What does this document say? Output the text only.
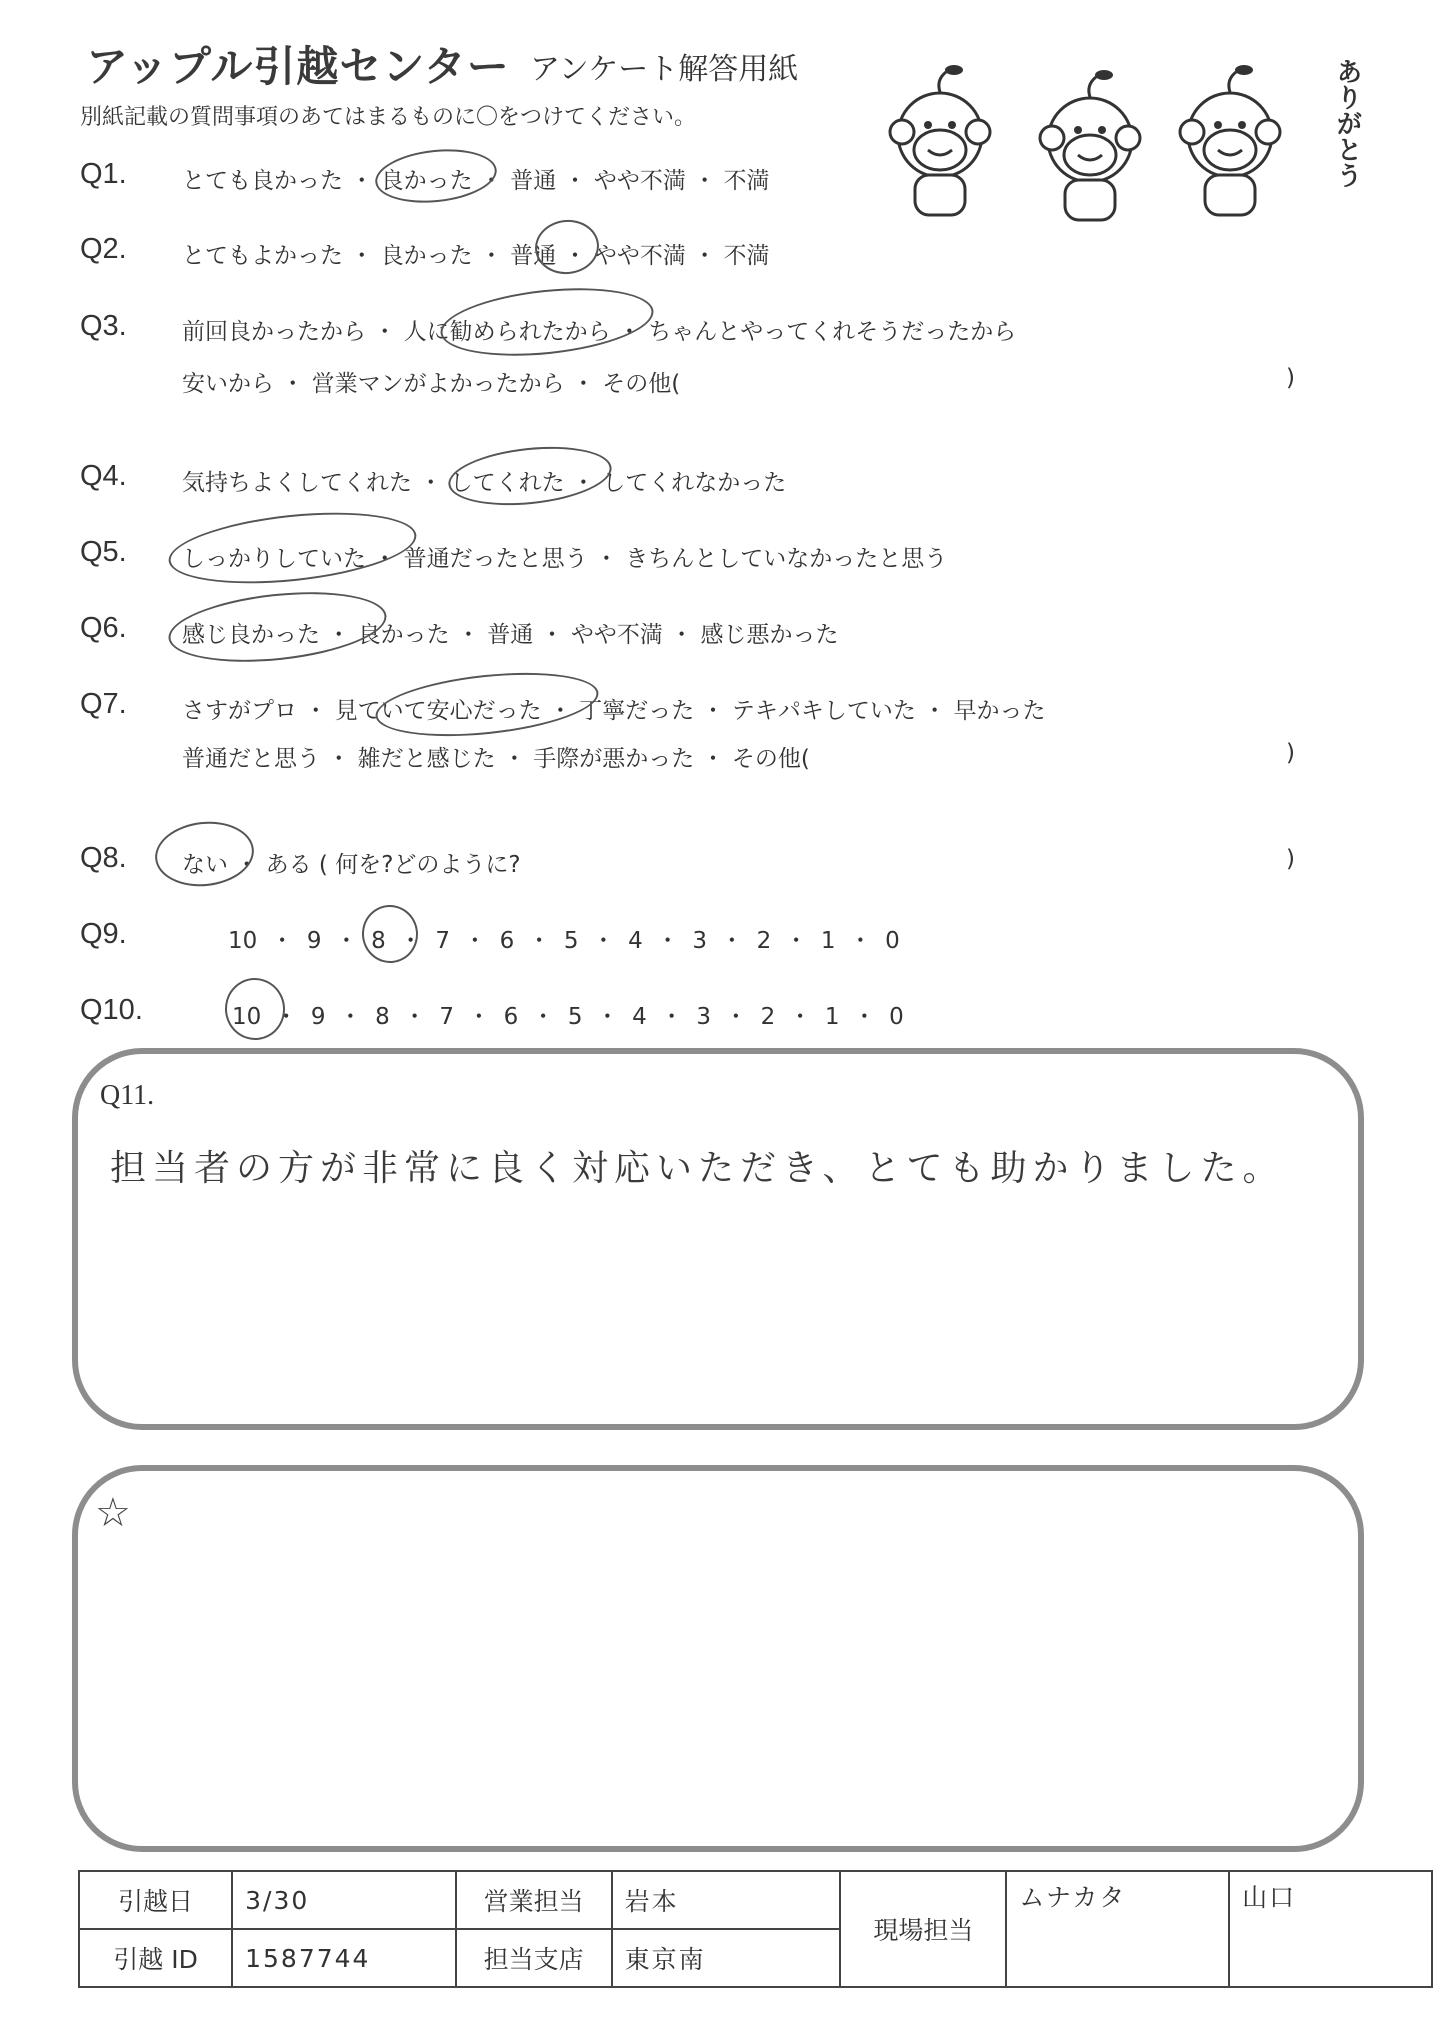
アップル引越センター アンケート解答用紙
別紙記載の質問事項のあてはまるものに〇をつけてください。	ありがとう
Q1. とても良かった ・ 良かった ・ 普通 ・ やや不満 ・ 不満
Q2. とてもよかった ・ 良かった ・ 普通 ・ やや不満 ・ 不満
Q3. 前回良かったから ・ 人に勧められたから ・ ちゃんとやってくれそうだったから
安いから ・ 営業マンがよかったから ・ その他(	)
Q4. 気持ちよくしてくれた ・ してくれた ・ してくれなかった
Q5. しっかりしていた ・ 普通だったと思う ・ きちんとしていなかったと思う
Q6. 感じ良かった ・ 良かった ・ 普通 ・ やや不満 ・ 感じ悪かった
Q7. さすがプロ ・ 見ていて安心だった ・ 丁寧だった ・ テキパキしていた ・ 早かった
普通だと思う ・ 雑だと感じた ・ 手際が悪かった ・ その他(	)
Q8. ない ・ ある ( 何を?どのように?	)
Q9.	10 ・ 9 ・ 8 ・ 7 ・ 6 ・ 5 ・ 4 ・ 3 ・ 2 ・ 1 ・ 0
Q10.	10 ・ 9 ・ 8 ・ 7 ・ 6 ・ 5 ・ 4 ・ 3 ・ 2 ・ 1 ・ 0
Q11.
担当者の方が非常に良く対応いただき、とても助かりました。
☆
引越日	3/30	営業担当	岩本	現場担当	ムナカタ	山口
引越 ID	1587744	担当支店	東京南			
